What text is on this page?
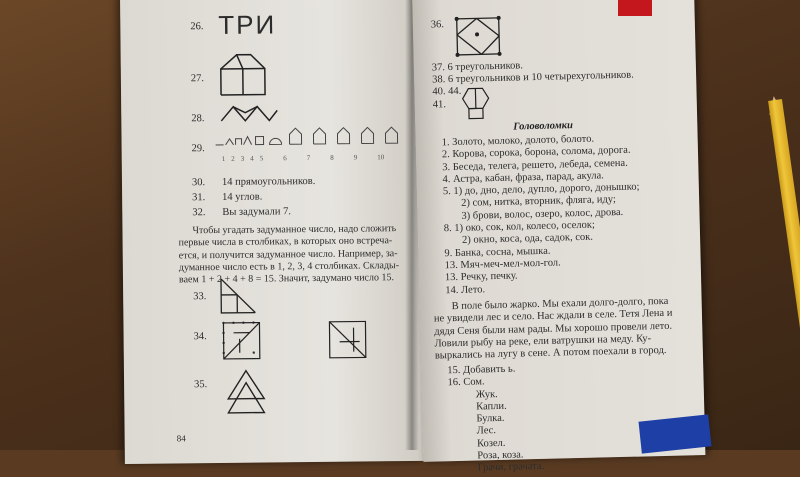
26. ТРИ
27.
28.
29.
1 2 3 4 5	6	7	8	9	10
30. 14 прямоугольников.
31. 14 углов.
32. Вы задумали 7.
Чтобы угадать задуманное число, надо сложить
первые числа в столбиках, в которых оно встреча-
ется, и получится задуманное число. Например, за-
думанное число есть в 1, 2, 3, 4 столбиках. Склады-
ваем 1 + 2 + 4 + 8 = 15. Значит, задумано число 15.
33.
34.
35.
84
36.
37. 6 треугольников.
38. 6 треугольников и 10 четырехугольников.
40. 44.
41.
Головоломки
1. Золото, молоко, долото, болото.
2. Корова, сорока, борона, солома, дорога.
3. Беседа, телега, решето, лебеда, семена.
4. Астра, кабан, фраза, парад, акула.
5. 1) до, дно, дело, дупло, дорого, донышко;
2) сом, нитка, вторник, фляга, иду;
3) брови, волос, озеро, колос, дрова.
8. 1) око, сок, кол, колесо, оселок;
2) окно, коса, ода, садок, сок.
9. Банка, сосна, мышка.
13. Мяч-меч-мел-мол-гол.
13. Речку, печку.
14. Лето.
В поле было жарко. Мы ехали долго-долго, пока
не увидели лес и село. Нас ждали в селе. Тетя Лена и
дядя Сеня были нам рады. Мы хорошо провели лето.
Ловили рыбу на реке, ели ватрушки на меду. Ку-
выркались на лугу в сене. А потом поехали в город.
15. Добавить ь.
16. Сом.
Жук.
Капли.
Булка.
Лес.
Козел.
Роза, коза.
Грачи, грачата.
